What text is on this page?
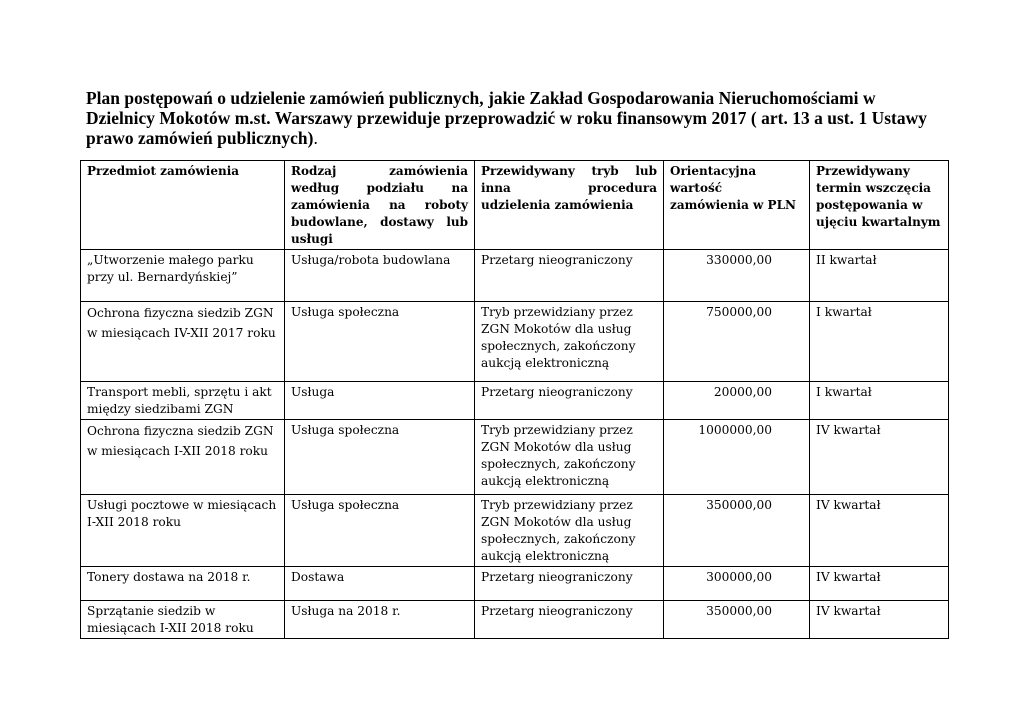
Plan postępowań o udzielenie zamówień publicznych, jakie Zakład Gospodarowania Nieruchomościami w Dzielnicy Mokotów m.st. Warszawy przewiduje przeprowadzić w roku finansowym 2017 ( art. 13 a ust. 1 Ustawy prawo zamówień publicznych).
Przedmiot zamówienia	Rodzaj zamówienia według podziału na zamówienia na roboty budowlane, dostawy lub usługi	Przewidywany tryb lub inna procedura udzielenia zamówienia	Orientacyjna wartość zamówienia w PLN	Przewidywany termin wszczęcia postępowania w ujęciu kwartalnym
„Utworzenie małego parku przy ul. Bernardyńskiej”	Usługa/robota budowlana	Przetarg nieograniczony	330000,00	II kwartał
Ochrona fizyczna siedzib ZGN w miesiącach IV-XII 2017 roku	Usługa społeczna	Tryb przewidziany przez ZGN Mokotów dla usług społecznych, zakończony aukcją elektroniczną	750000,00	I kwartał
Transport mebli, sprzętu i akt między siedzibami ZGN	Usługa	Przetarg nieograniczony	20000,00	I kwartał
Ochrona fizyczna siedzib ZGN w miesiącach I-XII 2018 roku	Usługa społeczna	Tryb przewidziany przez ZGN Mokotów dla usług społecznych, zakończony aukcją elektroniczną	1000000,00	IV kwartał
Usługi pocztowe w miesiącach I-XII 2018 roku	Usługa społeczna	Tryb przewidziany przez ZGN Mokotów dla usług społecznych, zakończony aukcją elektroniczną	350000,00	IV kwartał
Tonery dostawa na 2018 r.	Dostawa	Przetarg nieograniczony	300000,00	IV kwartał
Sprzątanie siedzib w miesiącach I-XII 2018 roku	Usługa na 2018 r.	Przetarg nieograniczony	350000,00	IV kwartał
